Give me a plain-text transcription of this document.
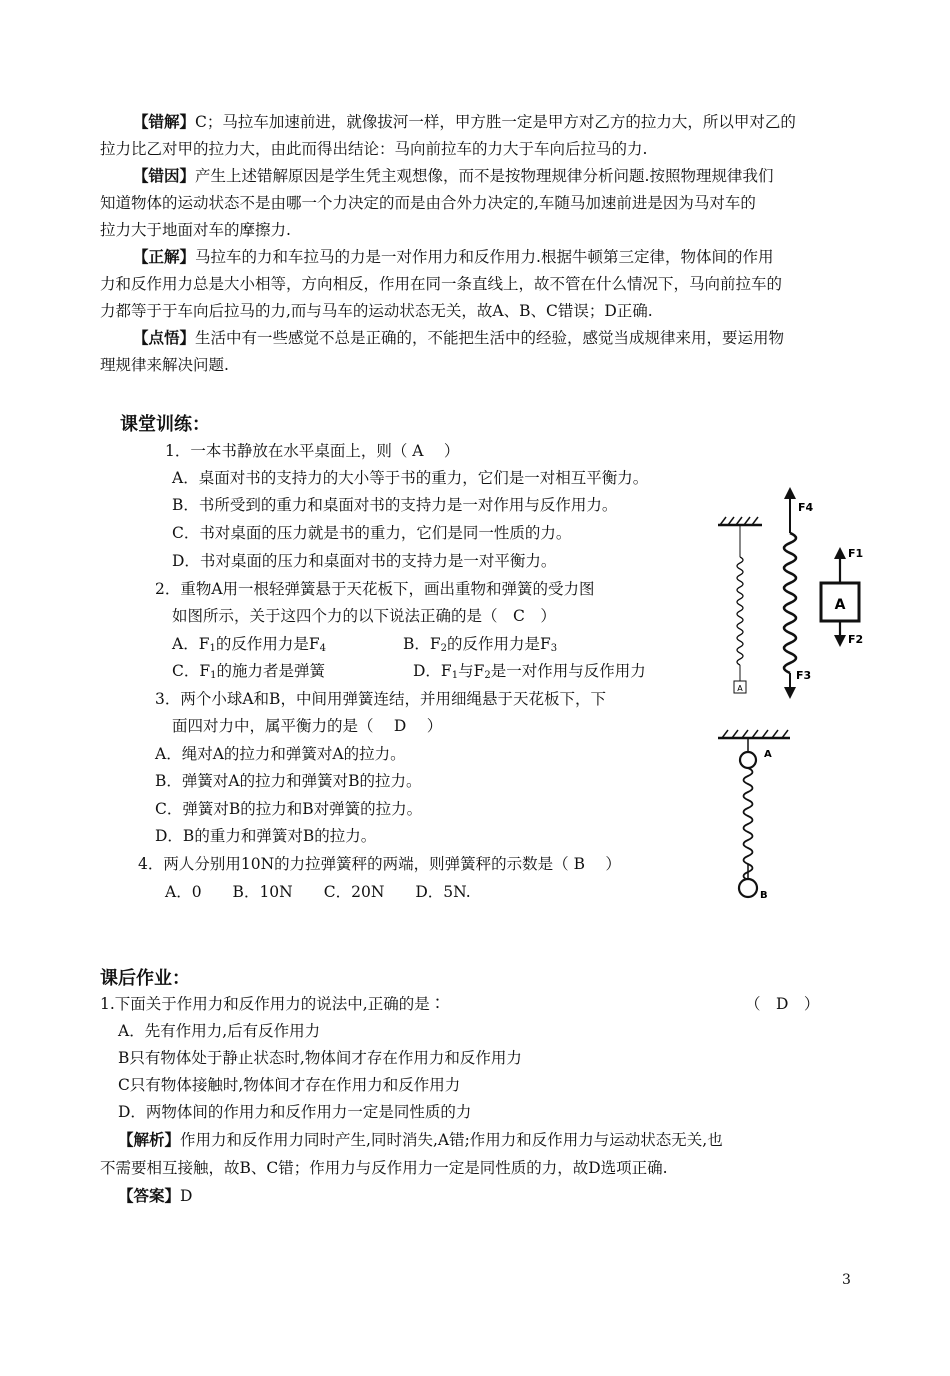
【错解】C；马拉车加速前进，就像拔河一样，甲方胜一定是甲方对乙方的拉力大，所以甲对乙的
拉力比乙对甲的拉力大，由此而得出结论：马向前拉车的力大于车向后拉马的力.
【错因】产生上述错解原因是学生凭主观想像，而不是按物理规律分析问题.按照物理规律我们
知道物体的运动状态不是由哪一个力决定的而是由合外力决定的,车随马加速前进是因为马对车的
拉力大于地面对车的摩擦力.
【正解】马拉车的力和车拉马的力是一对作用力和反作用力.根据牛顿第三定律，物体间的作用
力和反作用力总是大小相等，方向相反，作用在同一条直线上，故不管在什么情况下，马向前拉车的
力都等于于车向后拉马的力,而与马车的运动状态无关，故A、B、C错误；D正确.
【点悟】生活中有一些感觉不总是正确的，不能把生活中的经验，感觉当成规律来用，要运用物
理规律来解决问题.
课堂训练：
1．一本书静放在水平桌面上，则（ A　 ）
A．桌面对书的支持力的大小等于书的重力，它们是一对相互平衡力。
B．书所受到的重力和桌面对书的支持力是一对作用与反作用力。
C．书对桌面的压力就是书的重力，它们是同一性质的力。
D．书对桌面的压力和桌面对书的支持力是一对平衡力。
2．重物A用一根轻弹簧悬于天花板下，画出重物和弹簧的受力图
如图所示，关于这四个力的以下说法正确的是（　C　）
A．$F_1$的反作用力是$F_4$	B．$F_2$的反作用力是$F_3$
C．$F_1$的施力者是弹簧	D．$F_1$与$F_2$是一对作用与反作用力
3．两个小球A和B，中间用弹簧连结，并用细绳悬于天花板下，下
面四对力中，属平衡力的是（　 D　 ）
A．绳对A的拉力和弹簧对A的拉力。
B．弹簧对A的拉力和弹簧对B的拉力。
C．弹簧对B的拉力和B对弹簧的拉力。
D．B的重力和弹簧对B的拉力。
4．两人分别用10N的力拉弹簧秤的两端，则弹簧秤的示数是（ B　 ）
A．0　　B．10N　　C．20N　　D．5N.
A
F4
F3
F1
A
F2
A
B
课后作业：
1.下面关于作用力和反作用力的说法中,正确的是∶	（　D　）
A．先有作用力,后有反作用力
B只有物体处于静止状态时,物体间才存在作用力和反作用力
C只有物体接触时,物体间才存在作用力和反作用力
D．两物体间的作用力和反作用力一定是同性质的力
【解析】作用力和反作用力同时产生,同时消失,A错;作用力和反作用力与运动状态无关,也
不需要相互接触，故B、C错；作用力与反作用力一定是同性质的力，故D选项正确.
【答案】D
3
